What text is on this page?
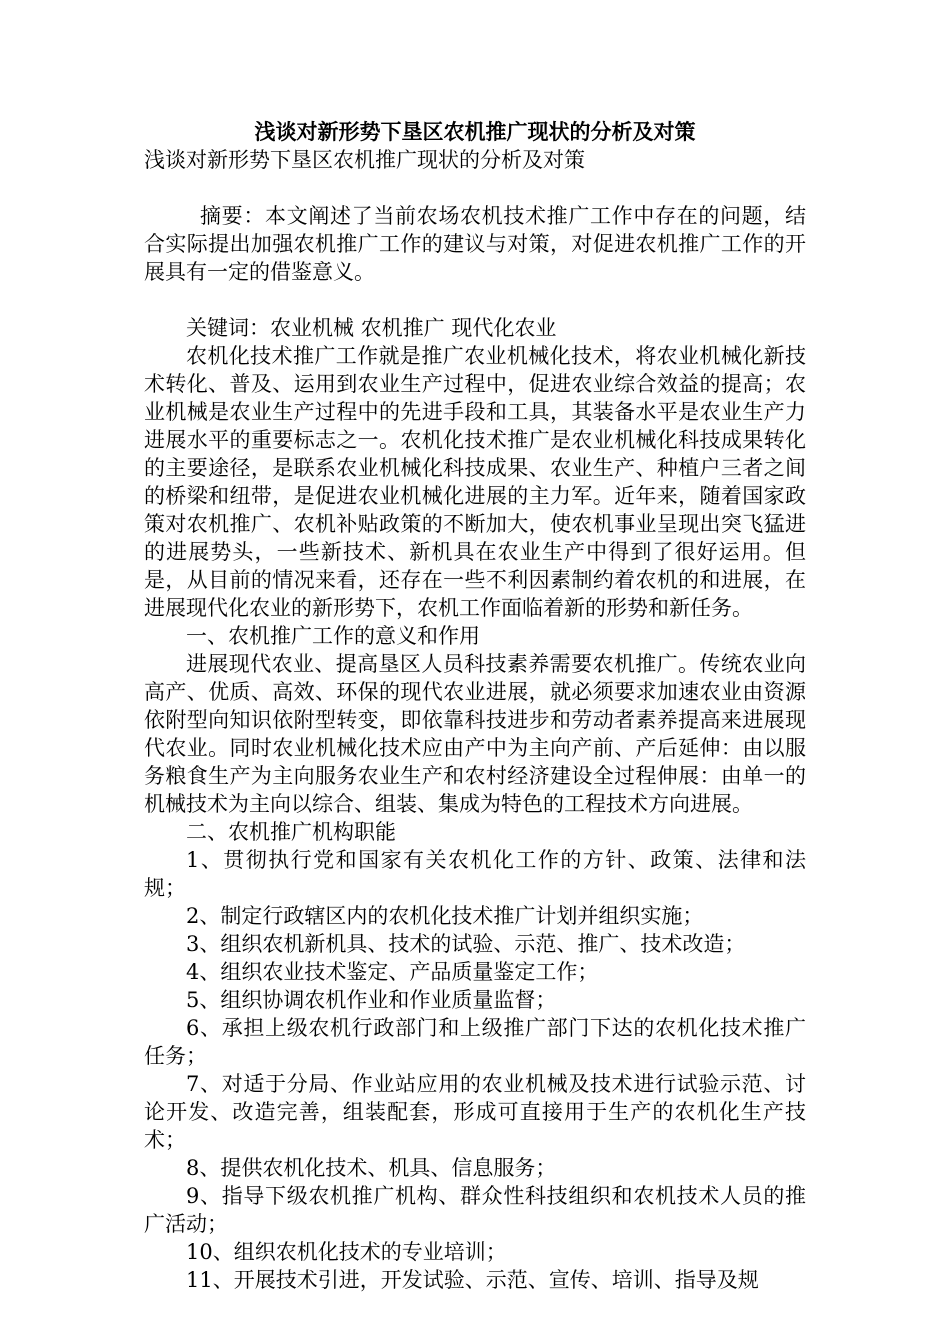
浅谈对新形势下垦区农机推广现状的分析及对策

浅谈对新形势下垦区农机推广现状的分析及对策

摘要：本文阐述了当前农场农机技术推广工作中存在的问题，结合实际提出加强农机推广工作的建议与对策，对促进农机推广工作的开展具有一定的借鉴意义。

关键词：农业机械 农机推广 现代化农业

农机化技术推广工作就是推广农业机械化技术，将农业机械化新技术转化、普及、运用到农业生产过程中，促进农业综合效益的提高；农业机械是农业生产过程中的先进手段和工具，其装备水平是农业生产力进展水平的重要标志之一。农机化技术推广是农业机械化科技成果转化的主要途径，是联系农业机械化科技成果、农业生产、种植户三者之间的桥梁和纽带，是促进农业机械化进展的主力军。近年来，随着国家政策对农机推广、农机补贴政策的不断加大，使农机事业呈现出突飞猛进的进展势头，一些新技术、新机具在农业生产中得到了很好运用。但是，从目前的情况来看，还存在一些不利因素制约着农机的和进展，在进展现代化农业的新形势下，农机工作面临着新的形势和新任务。

一、农机推广工作的意义和作用

进展现代农业、提高垦区人员科技素养需要农机推广。传统农业向高产、优质、高效、环保的现代农业进展，就必须要求加速农业由资源依附型向知识依附型转变，即依靠科技进步和劳动者素养提高来进展现代农业。同时农业机械化技术应由产中为主向产前、产后延伸：由以服务粮食生产为主向服务农业生产和农村经济建设全过程伸展：由单一的机械技术为主向以综合、组装、集成为特色的工程技术方向进展。

二、农机推广机构职能

1、贯彻执行党和国家有关农机化工作的方针、政策、法律和法规；

2、制定行政辖区内的农机化技术推广计划并组织实施；

3、组织农机新机具、技术的试验、示范、推广、技术改造；

4、组织农业技术鉴定、产品质量鉴定工作；

5、组织协调农机作业和作业质量监督；

6、承担上级农机行政部门和上级推广部门下达的农机化技术推广任务；

7、对适于分局、作业站应用的农业机械及技术进行试验示范、讨论开发、改造完善，组装配套，形成可直接用于生产的农机化生产技术；

8、提供农机化技术、机具、信息服务；

9、指导下级农机推广机构、群众性科技组织和农机技术人员的推广活动；

10、组织农机化技术的专业培训；

11、开展技术引进，开发试验、示范、宣传、培训、指导及规
